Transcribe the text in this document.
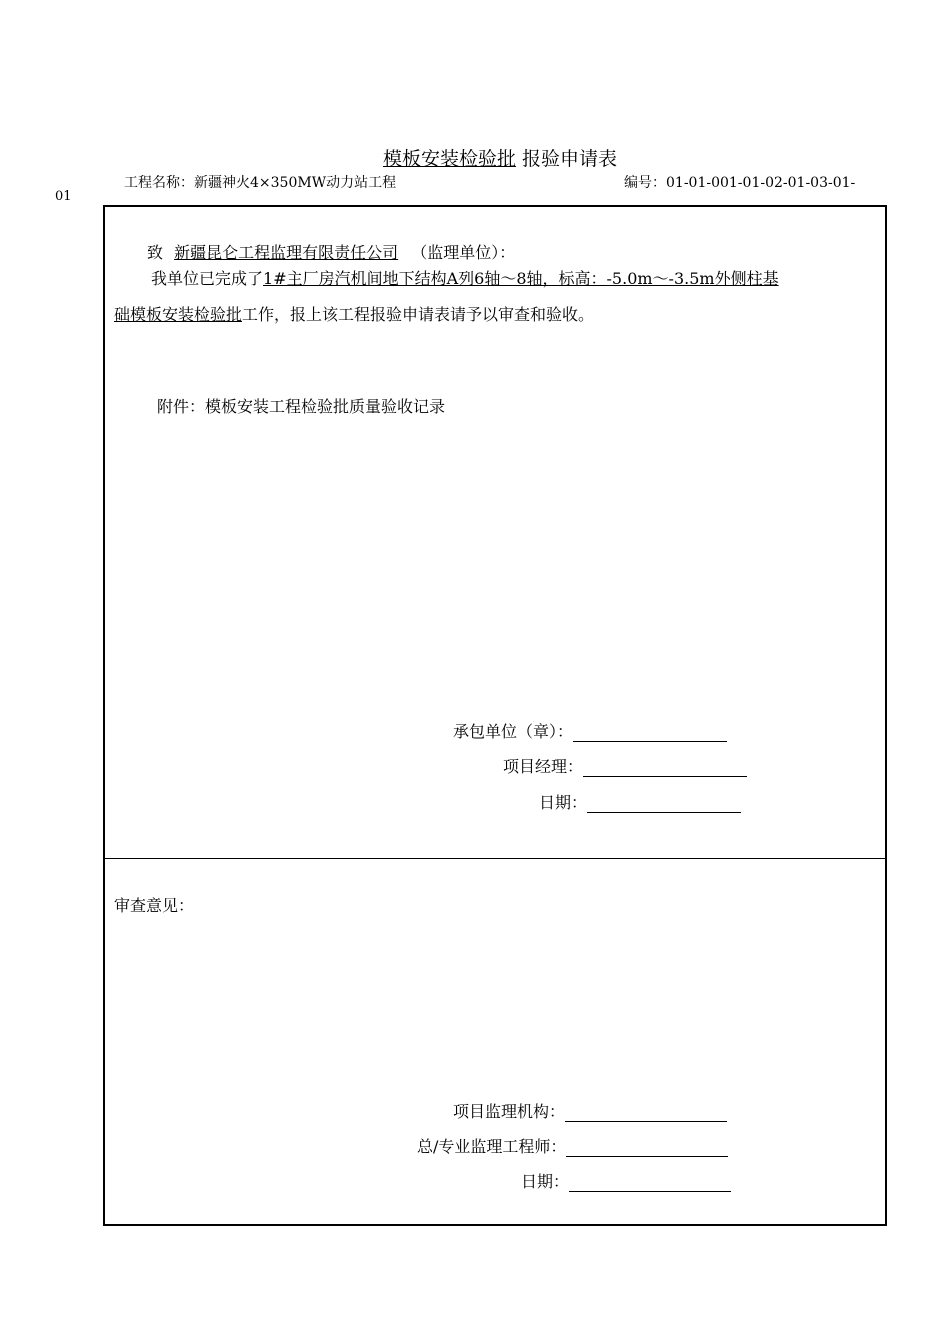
模板安装检验批 报验申请表
工程名称：新疆神火4×350MW动力站工程	编号：01-01-001-01-02-01-03-01-
01
致 新疆昆仑工程监理有限责任公司 （监理单位）：
我单位已完成了1#主厂房汽机间地下结构A列6轴～8轴，标高：-5.0m～-3.5m外侧柱基
础模板安装检验批工作，报上该工程报验申请表请予以审查和验收。
附件：模板安装工程检验批质量验收记录
承包单位（章）：
项目经理：
日期：
审查意见：
项目监理机构：
总/专业监理工程师：
日期：
